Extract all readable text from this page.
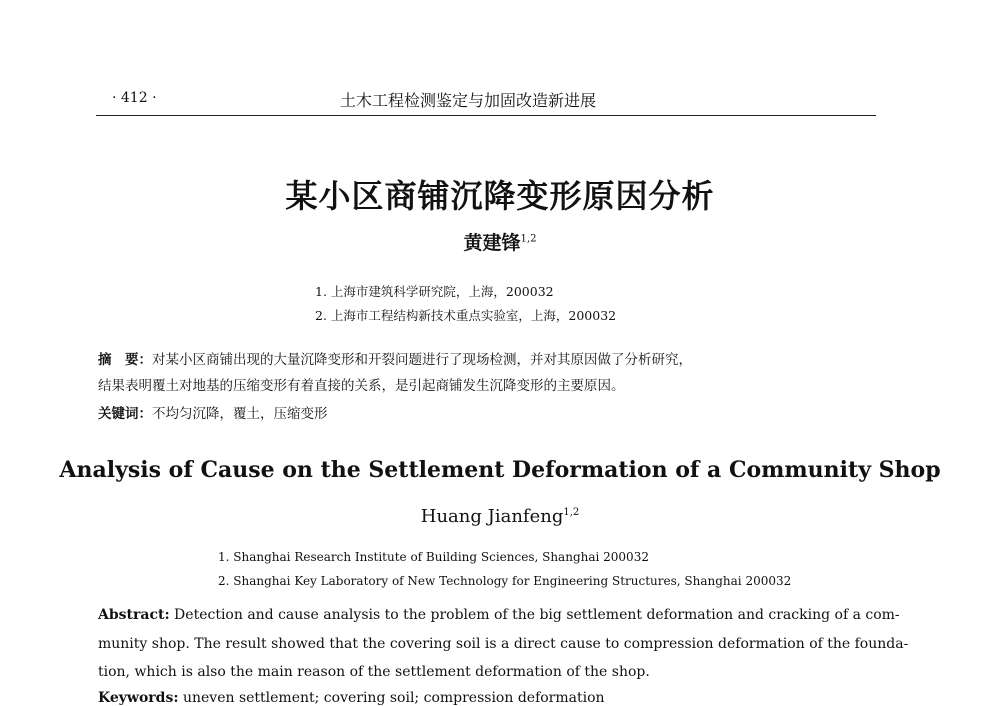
· 412 ·	土木工程检测鉴定与加固改造新进展
某小区商铺沉降变形原因分析
黄建锋$^{1,2}$
1. 上海市建筑科学研究院，上海，200032
2. 上海市工程结构新技术重点实验室，上海，200032
摘　要：对某小区商铺出现的大量沉降变形和开裂问题进行了现场检测，并对其原因做了分析研究，
结果表明覆土对地基的压缩变形有着直接的关系，是引起商铺发生沉降变形的主要原因。
关键词：不均匀沉降，覆土，压缩变形
Analysis of Cause on the Settlement Deformation of a Community Shop
Huang Jianfeng$^{1,2}$
1. Shanghai Research Institute of Building Sciences, Shanghai 200032
2. Shanghai Key Laboratory of New Technology for Engineering Structures, Shanghai 200032
Abstract: Detection and cause analysis to the problem of the big settlement deformation and cracking of a com-
munity shop. The result showed that the covering soil is a direct cause to compression deformation of the founda-
tion, which is also the main reason of the settlement deformation of the shop.
Keywords: uneven settlement; covering soil; compression deformation
